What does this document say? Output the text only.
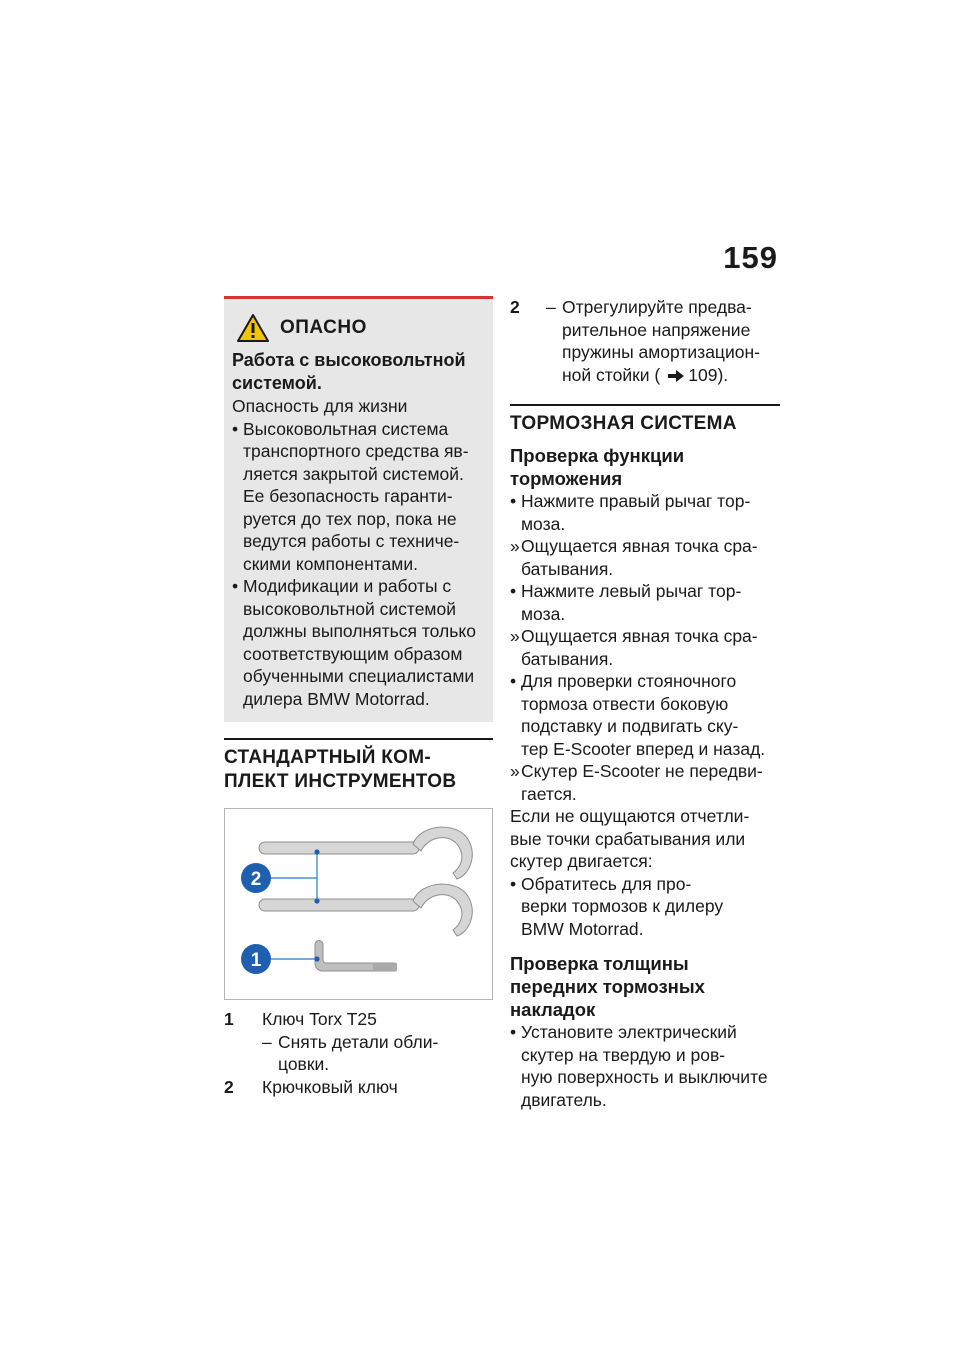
159
ОПАСНО
Работа с высоковольтной
системой.
Опасность для жизни
• Высоковольтная система
транспортного средства яв-
ляется закрытой системой.
Ее безопасность гаранти-
руется до тех пор, пока не
ведутся работы с техниче-
скими компонентами.
• Модификации и работы с
высоковольтной системой
должны выполняться только
соответствующим образом
обученными специалистами
дилера BMW Motorrad.
СТАНДАРТНЫЙ КОМ-
ПЛЕКТ ИНСТРУМЕНТОВ
2
1
1	Ключ Torx T25
– Снять детали обли-
цовки.
2	Крючковый ключ
2	– Отрегулируйте предва-
рительное напряжение
пружины амортизацион-
ной стойки ( 109).
ТОРМОЗНАЯ СИСТЕМА
Проверка функции
торможения
• Нажмите правый рычаг тор-
моза.
» Ощущается явная точка сра-
батывания.
• Нажмите левый рычаг тор-
моза.
» Ощущается явная точка сра-
батывания.
• Для проверки стояночного
тормоза отвести боковую
подставку и подвигать ску-
тер E-Scooter вперед и назад.
» Скутер E-Scooter не передви-
гается.
Если не ощущаются отчетли-
вые точки срабатывания или
скутер двигается:
• Обратитесь для про-
верки тормозов к дилеру
BMW Motorrad.
Проверка толщины
передних тормозных
накладок
• Установите электрический
скутер на твердую и ров-
ную поверхность и выключите
двигатель.
